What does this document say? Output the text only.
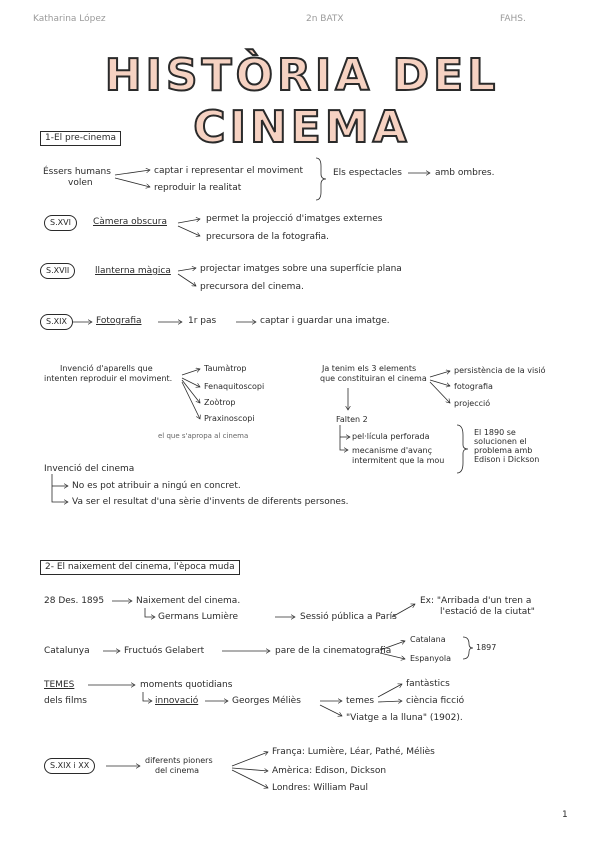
Katharina López	2n BATX	FAHS.
HISTÒRIA DEL CINEMA
1-El pre-cinema
Éssers humans
volen
captar i representar el moviment
reproduir la realitat
Els espectacles	amb ombres.
S.XVI	Càmera obscura	permet la projecció d'imatges externes
precursora de la fotografia.
S.XVII	llanterna màgica	projectar imatges sobre una superfície plana
precursora del cinema.
S.XIX	Fotografia	1r pas	captar i guardar una imatge.
Invenció d'aparells que
intenten reproduir el moviment.
Taumàtrop
Fenaquitoscopi
Zoòtrop
Praxinoscopi
el que s'apropa al cinema
Ja tenim els 3 elements
que constituiran el cinema
persistència de la visió
fotografia
projecció
Falten 2
pel·lícula perforada
mecanisme d'avanç
intermitent que la mou
El 1890 se
solucionen el
problema amb
Edison i Dickson
Invenció del cinema
No es pot atribuir a ningú en concret.
Va ser el resultat d'una sèrie d'invents de diferents persones.
2- El naixement del cinema, l'època muda
28 Des. 1895	Naixement del cinema.
Germans Lumière	Sessió pública a París
Ex: "Arribada d'un tren a
l'estació de la ciutat"
Catalunya	Fructuós Gelabert	pare de la cinematografia
Catalana
Espanyola
1897
TEMES
dels films
moments quotidians
innovació	Georges Méliès	temes
fantàstics
ciència ficció
"Viatge a la lluna" (1902).
S.XIX i XX
diferents pioners
del cinema
França: Lumière, Léar, Pathé, Méliès
Amèrica: Edison, Dickson
Londres: William Paul
1
